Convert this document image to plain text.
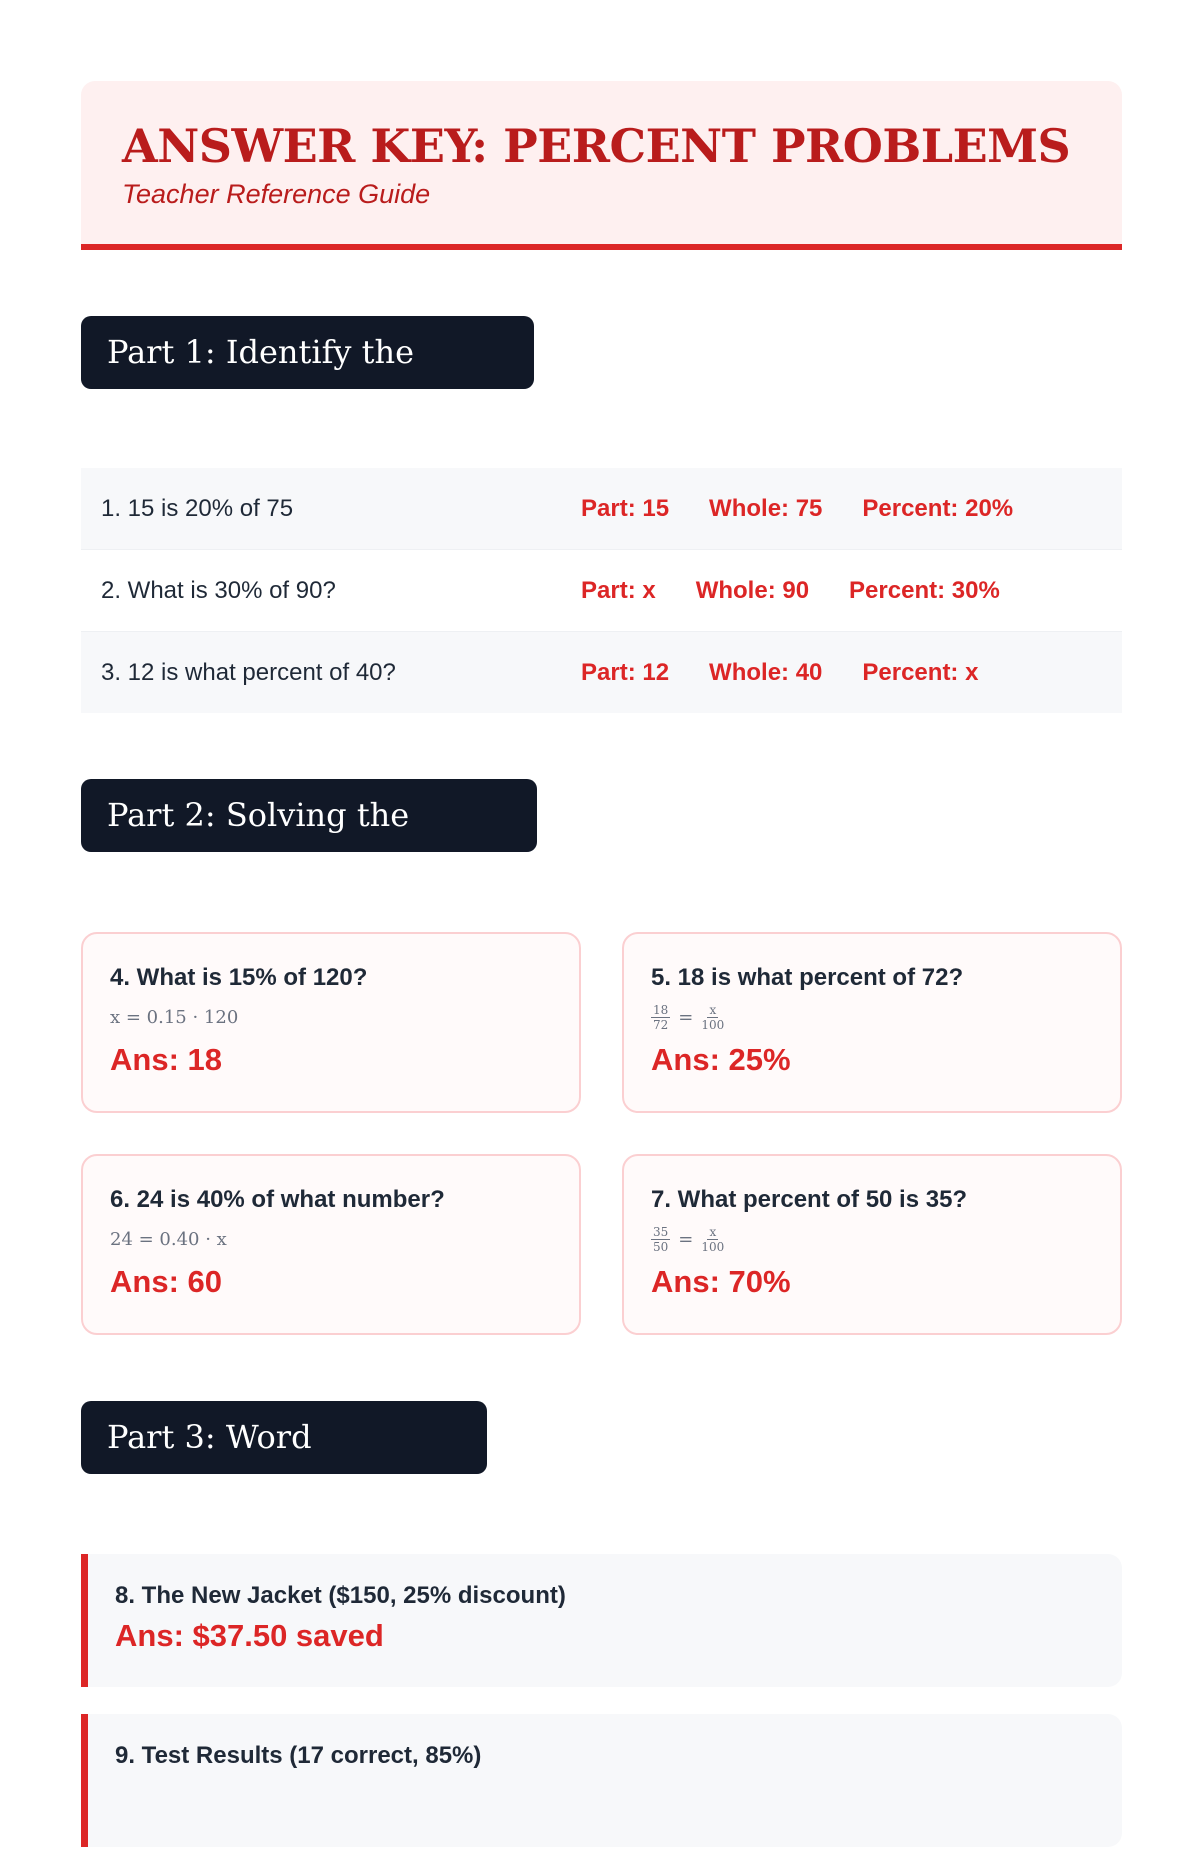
ANSWER KEY: PERCENT PROBLEMS
Teacher Reference Guide
Part 1: Identify the Pieces
1. 15 is 20% of 75	Part: 15 Whole: 75 Percent: 20%
2. What is 30% of 90?	Part: x Whole: 90 Percent: 30%
3. 12 is what percent of 40?	Part: 12 Whole: 40 Percent: x
Part 2: Solving the Puzzle
4. What is 15% of 120?
x = 0.15 · 120
Ans: 18
5. 18 is what percent of 72?
$\frac{18}{72} = \frac{x}{100}$
Ans: 25%
6. 24 is 40% of what number?
24 = 0.40 · x
Ans: 60
7. What percent of 50 is 35?
$\frac{35}{50} = \frac{x}{100}$
Ans: 70%
Part 3: Word Problems
8. The New Jacket ($150, 25% discount)
Ans: $37.50 saved
9. Test Results (17 correct, 85%)
